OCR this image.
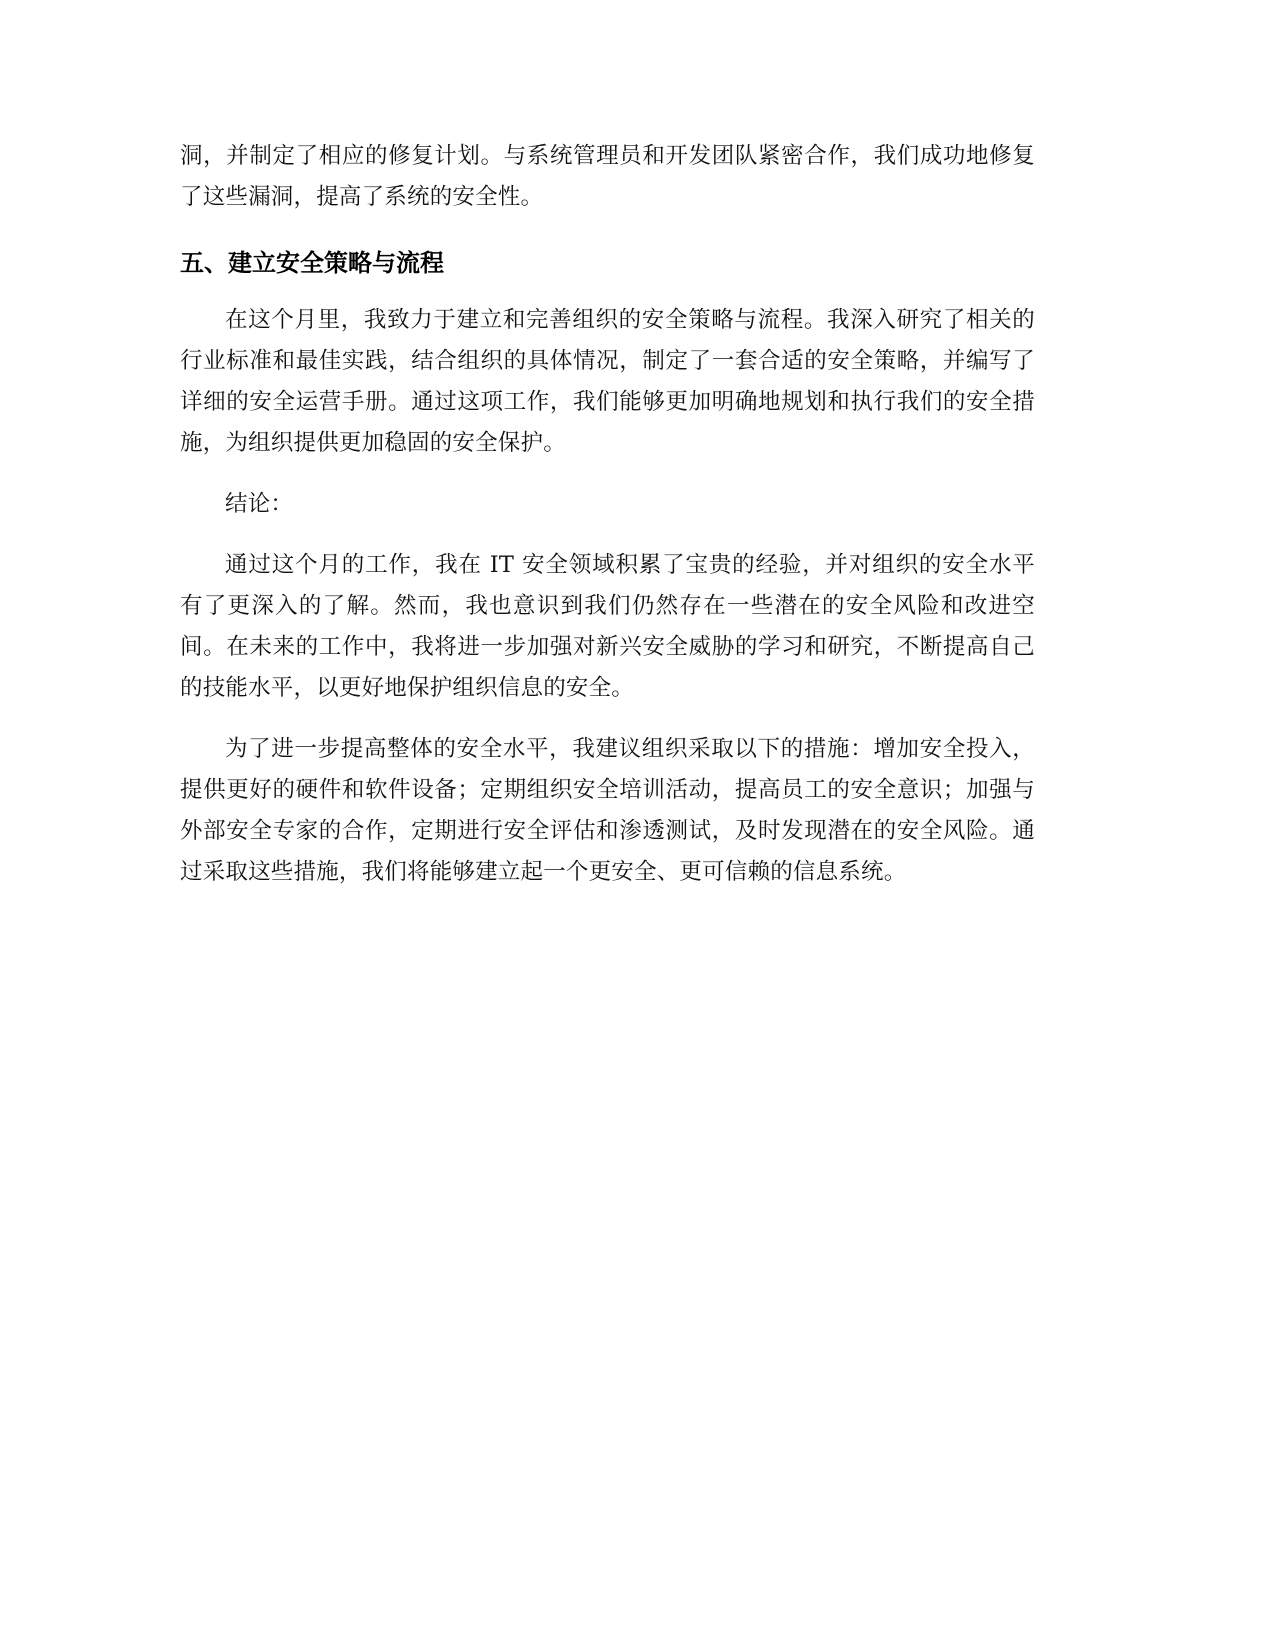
洞，并制定了相应的修复计划。与系统管理员和开发团队紧密合作，我们成功地修复了这些漏洞，提高了系统的安全性。

五、建立安全策略与流程

在这个月里，我致力于建立和完善组织的安全策略与流程。我深入研究了相关的行业标准和最佳实践，结合组织的具体情况，制定了一套合适的安全策略，并编写了详细的安全运营手册。通过这项工作，我们能够更加明确地规划和执行我们的安全措施，为组织提供更加稳固的安全保护。

结论：

通过这个月的工作，我在 IT 安全领域积累了宝贵的经验，并对组织的安全水平有了更深入的了解。然而，我也意识到我们仍然存在一些潜在的安全风险和改进空间。在未来的工作中，我将进一步加强对新兴安全威胁的学习和研究，不断提高自己的技能水平，以更好地保护组织信息的安全。

为了进一步提高整体的安全水平，我建议组织采取以下的措施：增加安全投入，提供更好的硬件和软件设备；定期组织安全培训活动，提高员工的安全意识；加强与外部安全专家的合作，定期进行安全评估和渗透测试，及时发现潜在的安全风险。通过采取这些措施，我们将能够建立起一个更安全、更可信赖的信息系统。
